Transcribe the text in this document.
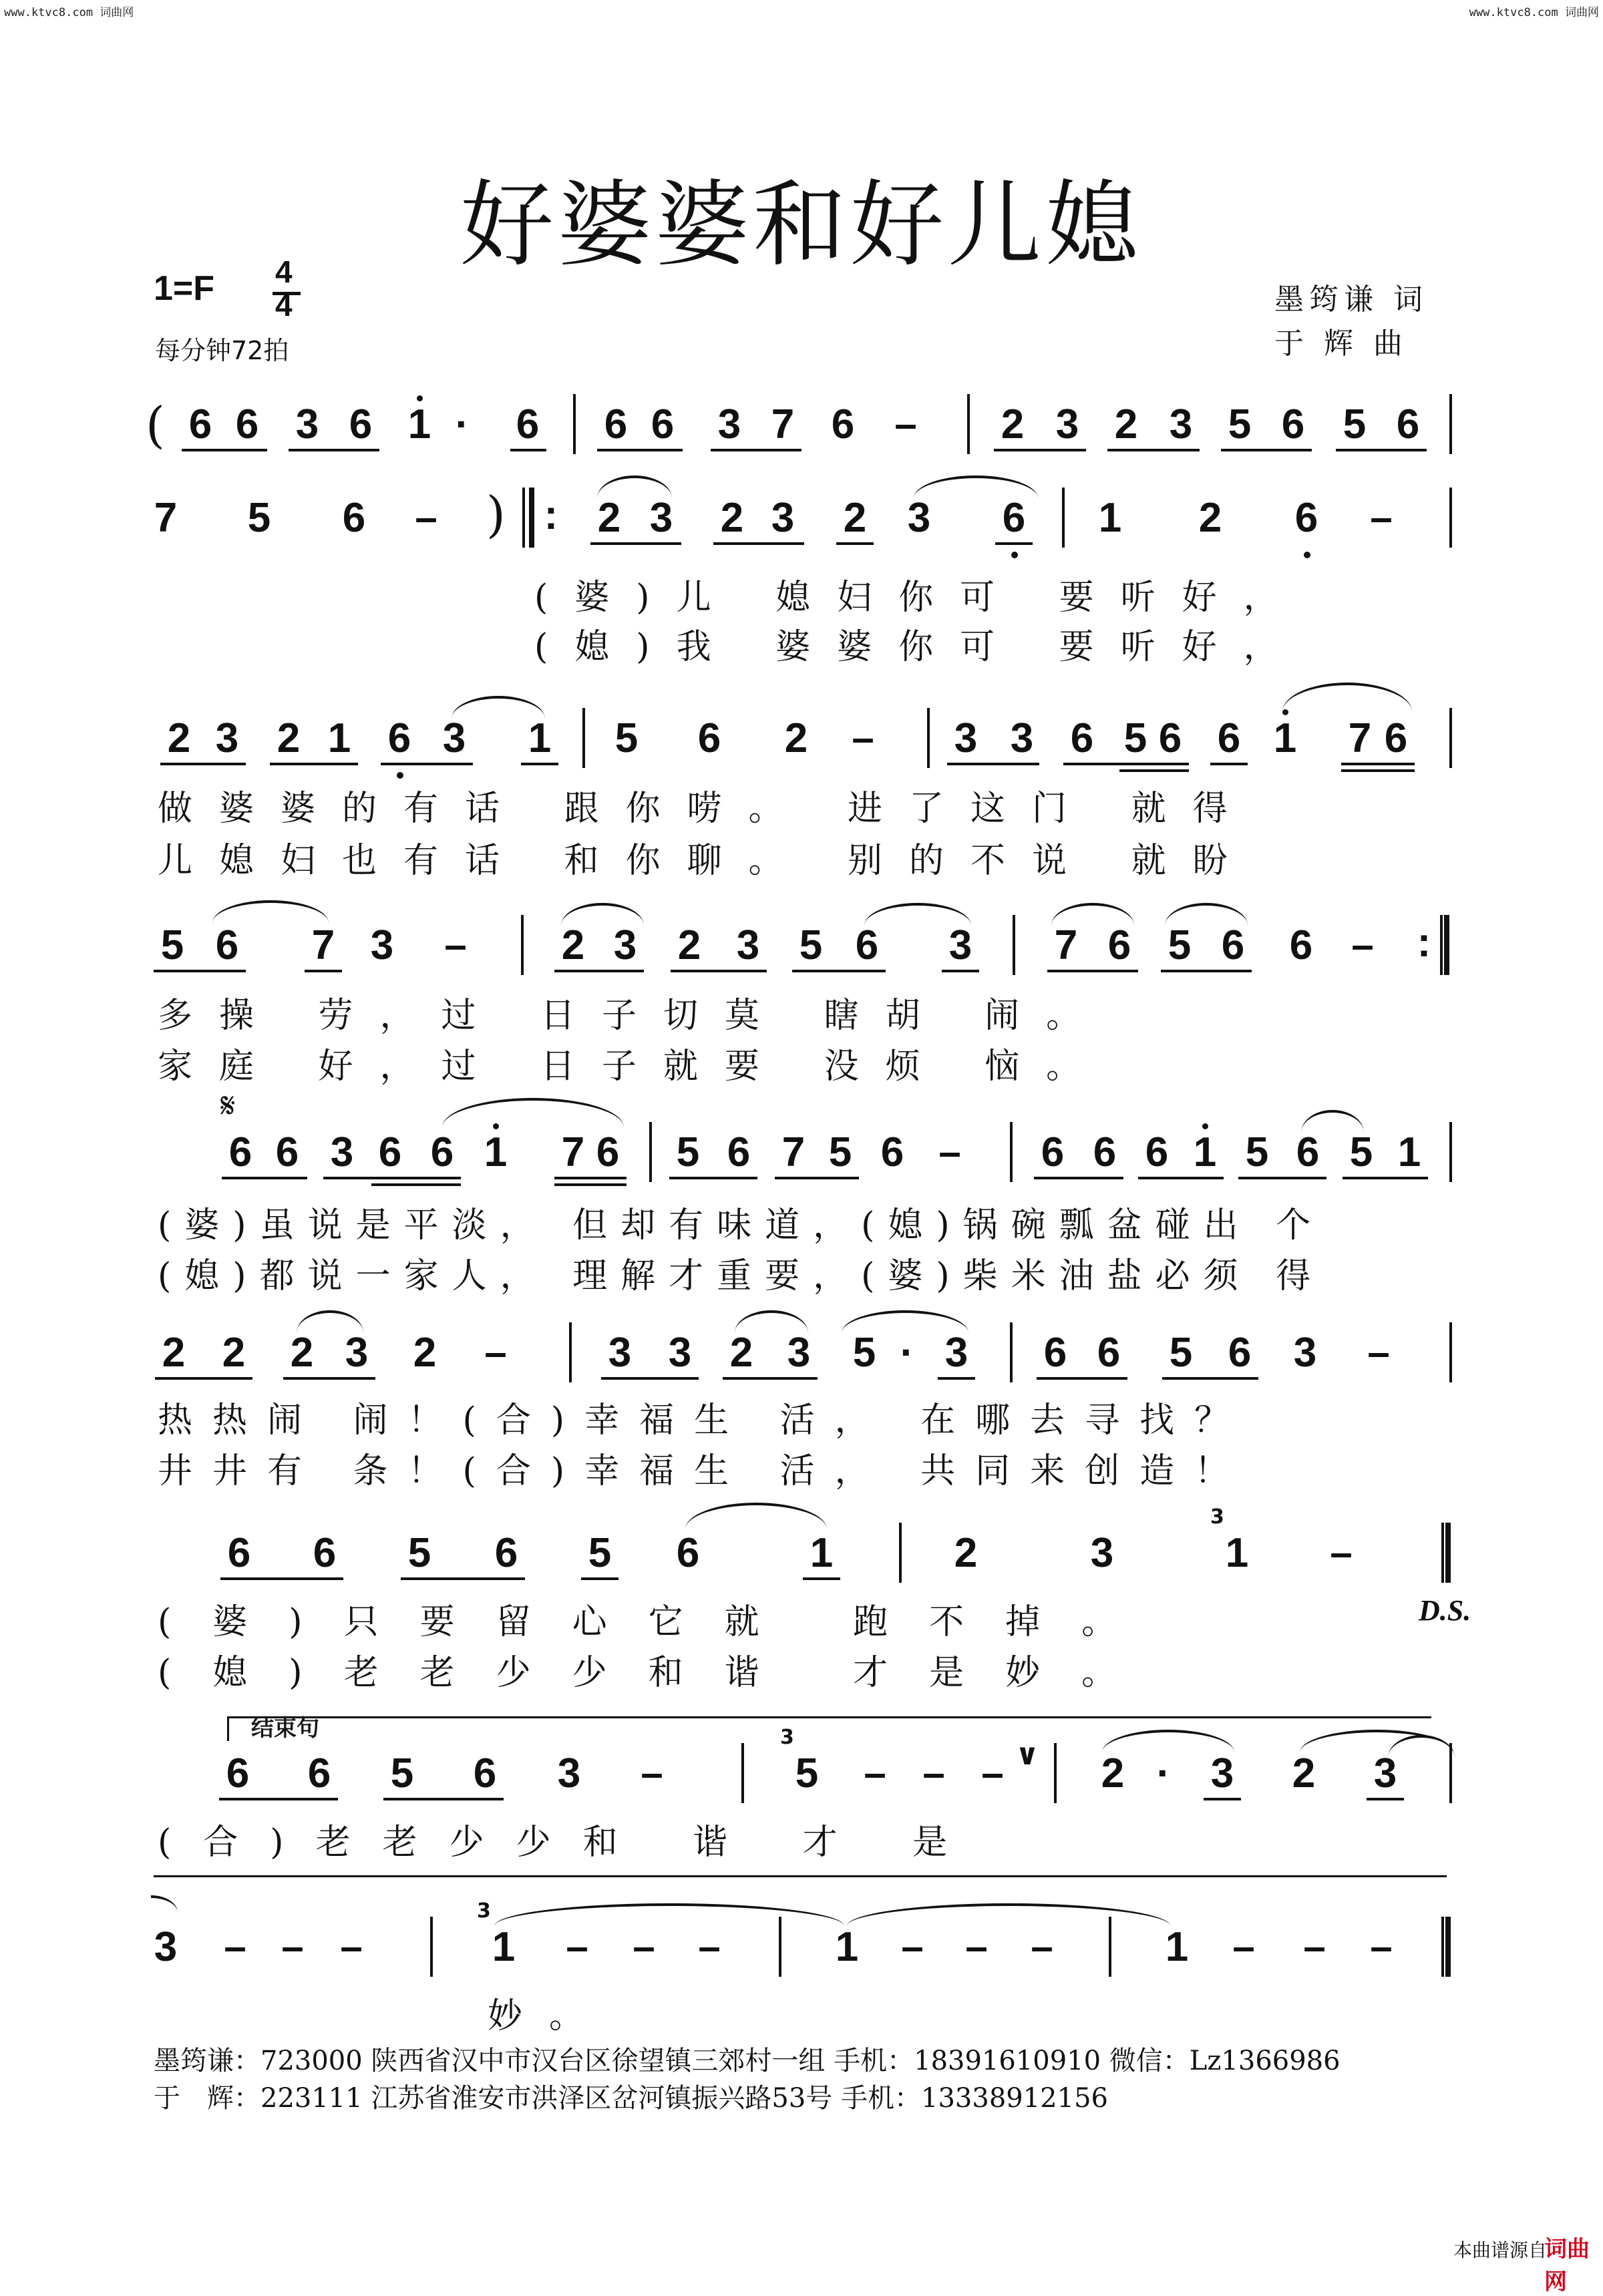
www.ktvc8.com 词曲网	www.ktvc8.com 词曲网
好婆婆和好儿媳
1=F 4
4
每分钟72拍
墨筠谦 词
于 辉 曲
( 6 6 3 6 1 · 6 6 6 3 7 6 – 2 3 2 3 5 6 5 6
7 5 6 – ) : 2 3 2 3 2 3 6 1 2 6 –
(婆)儿 媳妇你可 要听好，
(媳)我 婆婆你可 要听好，
2 3 2 1 6 3 1 5 6 2 – 3 3 6 5 6 6 1 7 6
做婆婆的有话 跟你唠。 进了这门 就得
儿媳妇也有话 和你聊。 别的不说 就盼
5 6 7 3 – 2 3 2 3 5 6 3 7 6 5 6 6 – :
多操 劳，过 日子切莫 瞎胡 闹。
家庭 好，过 日子就要 没烦 恼。
𝄋
6 6 3 6 6 1 7 6 5 6 7 5 6 – 6 6 6 1 5 6 5 1
(婆)虽说是平淡， 但却有味道，(媳)锅碗瓢盆碰出 个
(媳)都说一家人， 理解才重要，(婆)柴米油盐必须 得
2 2 2 3 2 – 3 3 2 3 5 · 3 6 6 5 6 3 –
热热闹 闹！(合)幸福生 活， 在哪去寻找？
井井有 条！(合)幸福生 活， 共同来创造！
6 6 5 6 5 6	1	2	3
3
1 –
D.S.
(婆)只要留心它就 跑不掉。
(媳)老老少少和谐 才是妙。
结束句
6 6 5 6 3 –
3
5 – – – ∨ 2 · 3 2 3
(合)老老少少和 谐 才 是
3 – – –
3
1 – – –	1 – – –	1 – – –
妙。
墨筠谦：723000 陕西省汉中市汉台区徐望镇三郊村一组 手机：18391610910 微信：Lz1366986
于　辉：223111 江苏省淮安市洪泽区岔河镇振兴路53号 手机：13338912156
本曲谱源自
词曲网
